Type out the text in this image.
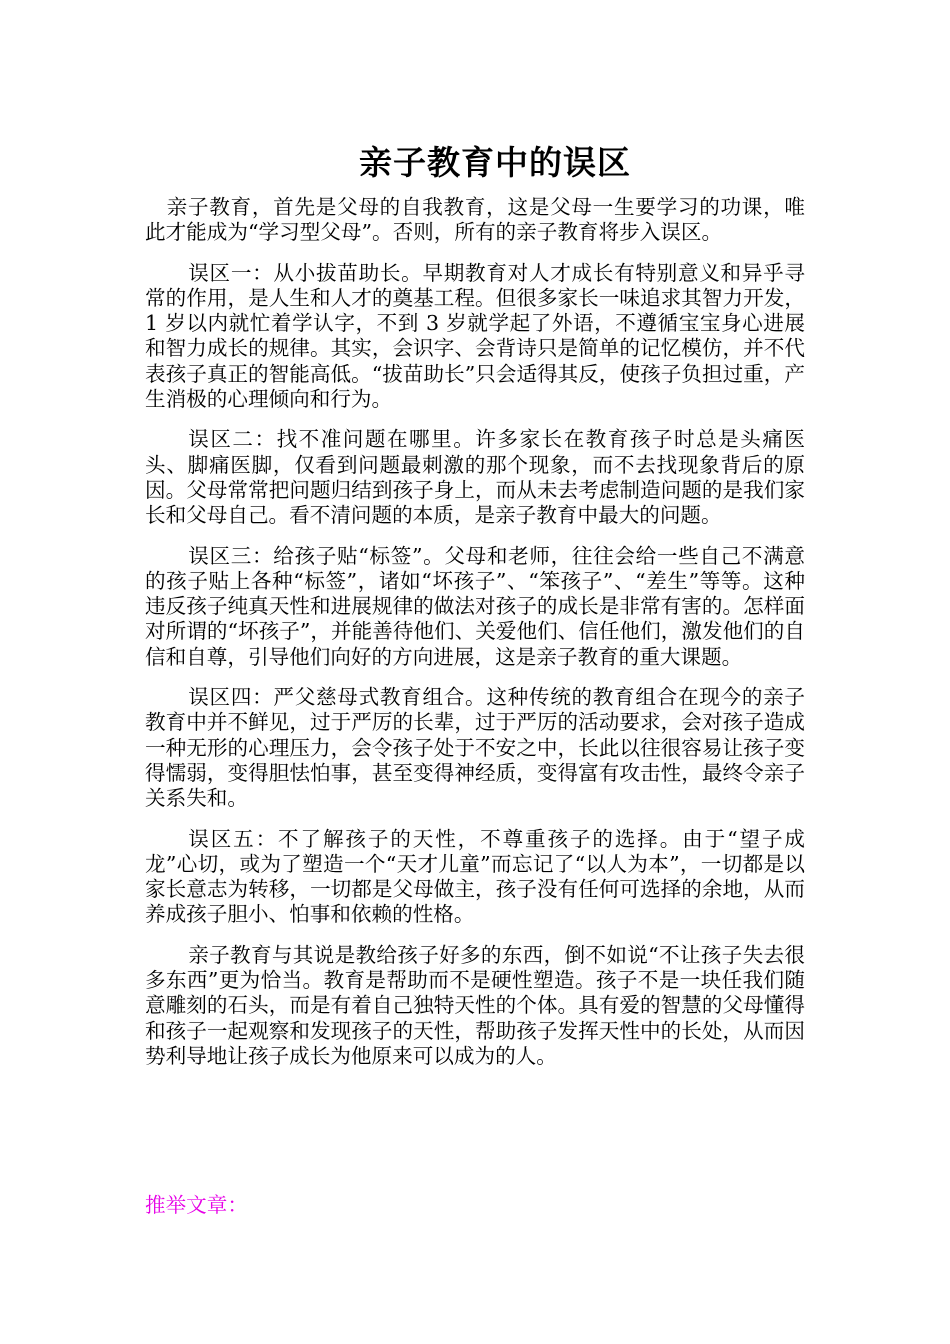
亲子教育中的误区

亲子教育，首先是父母的自我教育，这是父母一生要学习的功课，唯此才能成为“学习型父母”。否则，所有的亲子教育将步入误区。

误区一：从小拔苗助长。早期教育对人才成长有特别意义和异乎寻常的作用，是人生和人才的奠基工程。但很多家长一味追求其智力开发，1 岁以内就忙着学认字，不到 3 岁就学起了外语，不遵循宝宝身心进展和智力成长的规律。其实，会识字、会背诗只是简单的记忆模仿，并不代表孩子真正的智能高低。“拔苗助长”只会适得其反，使孩子负担过重，产生消极的心理倾向和行为。

误区二：找不准问题在哪里。许多家长在教育孩子时总是头痛医头、脚痛医脚，仅看到问题最刺激的那个现象，而不去找现象背后的原因。父母常常把问题归结到孩子身上，而从未去考虑制造问题的是我们家长和父母自己。看不清问题的本质，是亲子教育中最大的问题。

误区三：给孩子贴“标签”。父母和老师，往往会给一些自己不满意的孩子贴上各种“标签”，诸如“坏孩子”、“笨孩子”、“差生”等等。这种违反孩子纯真天性和进展规律的做法对孩子的成长是非常有害的。怎样面对所谓的“坏孩子”，并能善待他们、关爱他们、信任他们，激发他们的自信和自尊，引导他们向好的方向进展，这是亲子教育的重大课题。

误区四：严父慈母式教育组合。这种传统的教育组合在现今的亲子教育中并不鲜见，过于严厉的长辈，过于严厉的活动要求，会对孩子造成一种无形的心理压力，会令孩子处于不安之中，长此以往很容易让孩子变得懦弱，变得胆怯怕事，甚至变得神经质，变得富有攻击性，最终令亲子关系失和。

误区五：不了解孩子的天性，不尊重孩子的选择。由于“望子成龙”心切，或为了塑造一个“天才儿童”而忘记了“以人为本”，一切都是以家长意志为转移，一切都是父母做主，孩子没有任何可选择的余地，从而养成孩子胆小、怕事和依赖的性格。

亲子教育与其说是教给孩子好多的东西，倒不如说“不让孩子失去很多东西”更为恰当。教育是帮助而不是硬性塑造。孩子不是一块任我们随意雕刻的石头，而是有着自己独特天性的个体。具有爱的智慧的父母懂得和孩子一起观察和发现孩子的天性，帮助孩子发挥天性中的长处，从而因势利导地让孩子成长为他原来可以成为的人。

推举文章：
